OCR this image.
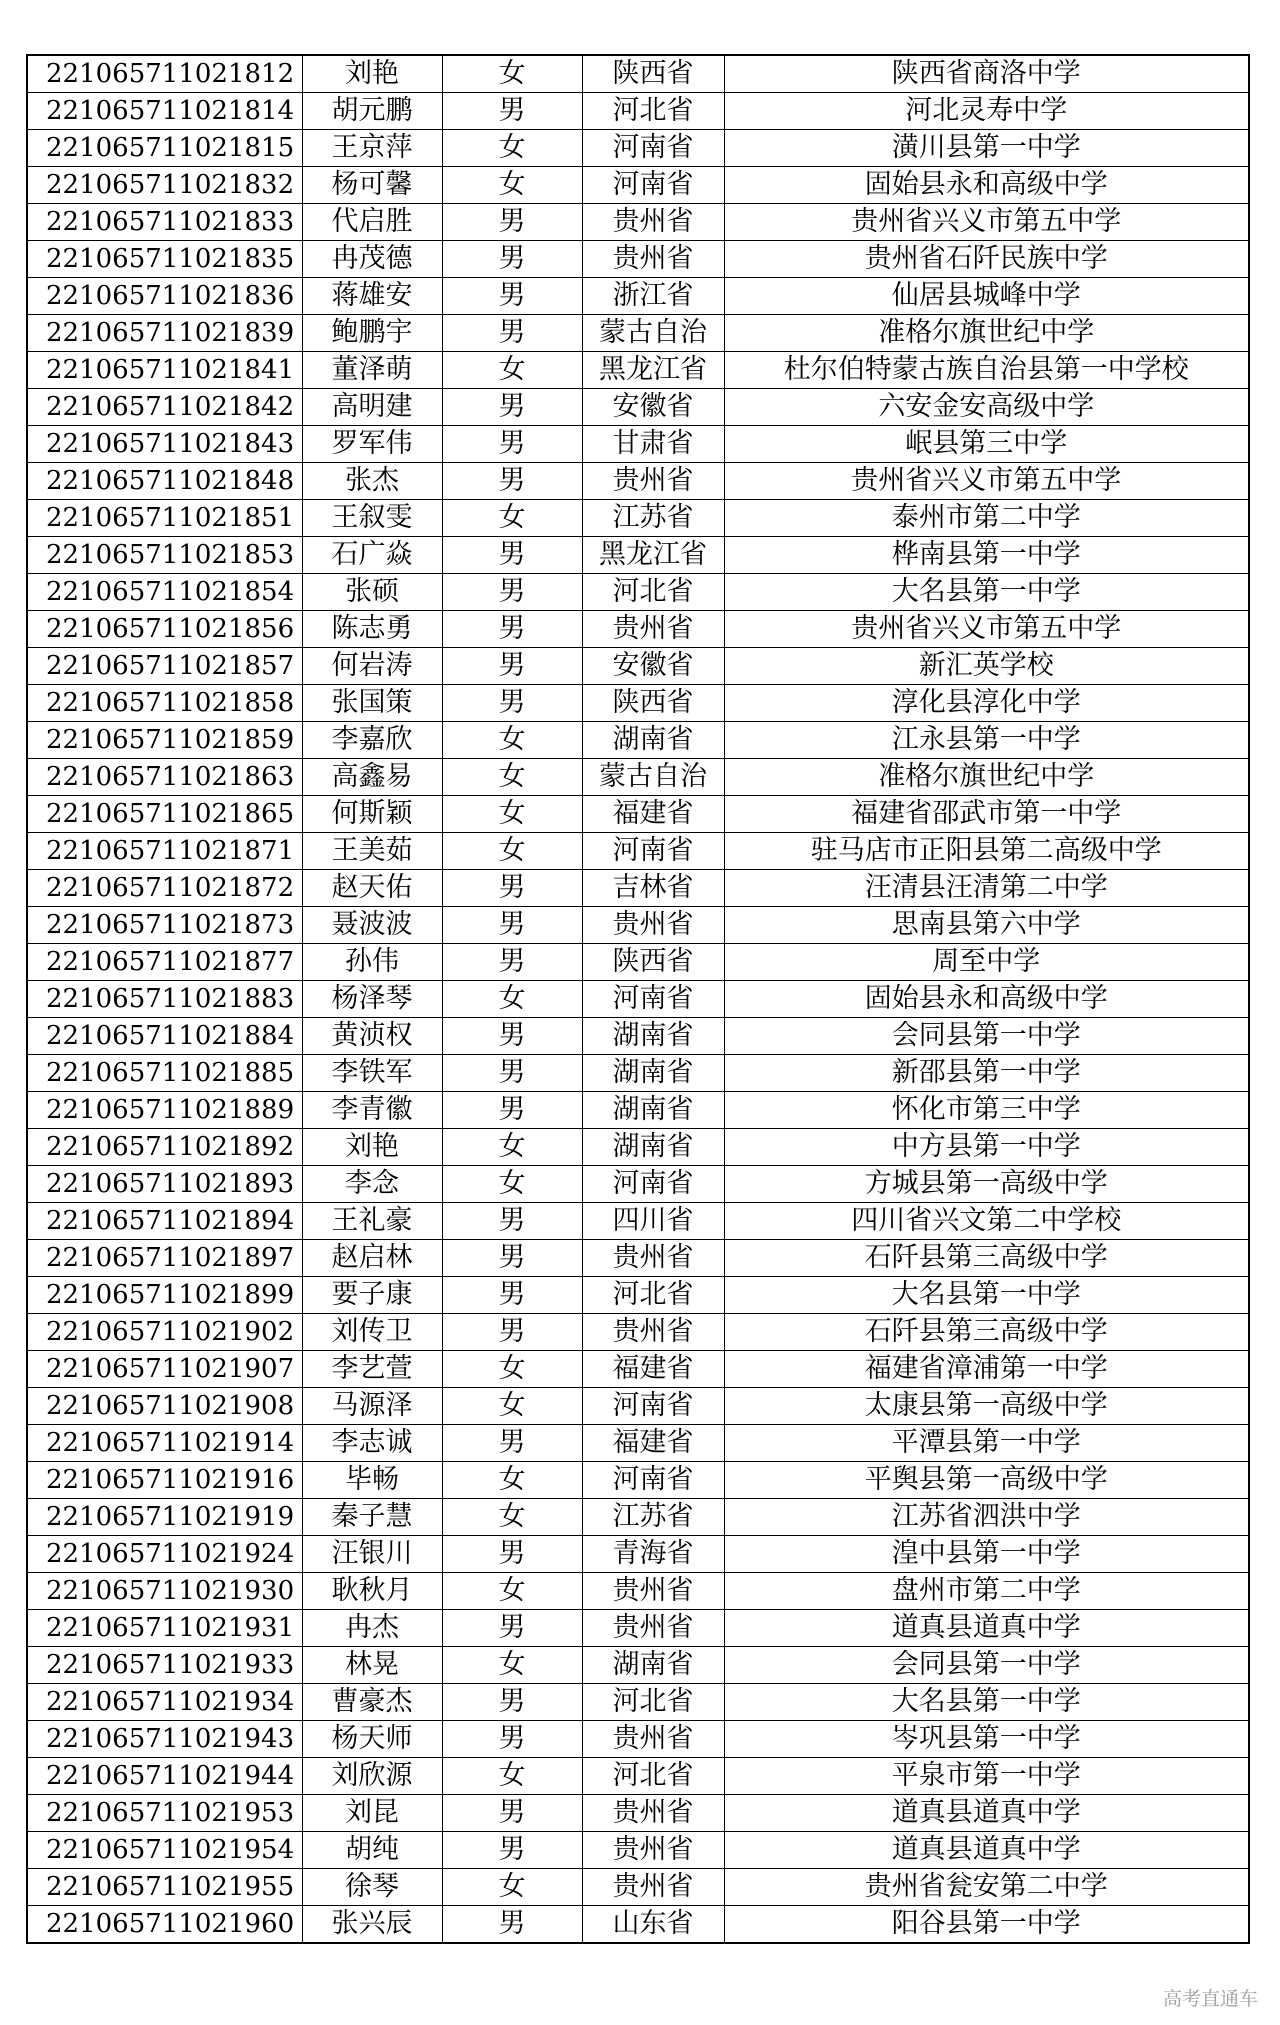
221065711021812	刘艳	女	陕西省	陕西省商洛中学
221065711021814	胡元鹏	男	河北省	河北灵寿中学
221065711021815	王京萍	女	河南省	潢川县第一中学
221065711021832	杨可馨	女	河南省	固始县永和高级中学
221065711021833	代启胜	男	贵州省	贵州省兴义市第五中学
221065711021835	冉茂德	男	贵州省	贵州省石阡民族中学
221065711021836	蒋雄安	男	浙江省	仙居县城峰中学
221065711021839	鲍鹏宇	男	蒙古自治	准格尔旗世纪中学
221065711021841	董泽萌	女	黑龙江省	杜尔伯特蒙古族自治县第一中学校
221065711021842	高明建	男	安徽省	六安金安高级中学
221065711021843	罗军伟	男	甘肃省	岷县第三中学
221065711021848	张杰	男	贵州省	贵州省兴义市第五中学
221065711021851	王叙雯	女	江苏省	泰州市第二中学
221065711021853	石广焱	男	黑龙江省	桦南县第一中学
221065711021854	张硕	男	河北省	大名县第一中学
221065711021856	陈志勇	男	贵州省	贵州省兴义市第五中学
221065711021857	何岩涛	男	安徽省	新汇英学校
221065711021858	张国策	男	陕西省	淳化县淳化中学
221065711021859	李嘉欣	女	湖南省	江永县第一中学
221065711021863	高鑫易	女	蒙古自治	准格尔旗世纪中学
221065711021865	何斯颖	女	福建省	福建省邵武市第一中学
221065711021871	王美茹	女	河南省	驻马店市正阳县第二高级中学
221065711021872	赵天佑	男	吉林省	汪清县汪清第二中学
221065711021873	聂波波	男	贵州省	思南县第六中学
221065711021877	孙伟	男	陕西省	周至中学
221065711021883	杨泽琴	女	河南省	固始县永和高级中学
221065711021884	黄浈权	男	湖南省	会同县第一中学
221065711021885	李铁军	男	湖南省	新邵县第一中学
221065711021889	李青徽	男	湖南省	怀化市第三中学
221065711021892	刘艳	女	湖南省	中方县第一中学
221065711021893	李念	女	河南省	方城县第一高级中学
221065711021894	王礼豪	男	四川省	四川省兴文第二中学校
221065711021897	赵启林	男	贵州省	石阡县第三高级中学
221065711021899	要子康	男	河北省	大名县第一中学
221065711021902	刘传卫	男	贵州省	石阡县第三高级中学
221065711021907	李艺萱	女	福建省	福建省漳浦第一中学
221065711021908	马源泽	女	河南省	太康县第一高级中学
221065711021914	李志诚	男	福建省	平潭县第一中学
221065711021916	毕畅	女	河南省	平舆县第一高级中学
221065711021919	秦子慧	女	江苏省	江苏省泗洪中学
221065711021924	汪银川	男	青海省	湟中县第一中学
221065711021930	耿秋月	女	贵州省	盘州市第二中学
221065711021931	冉杰	男	贵州省	道真县道真中学
221065711021933	林晃	女	湖南省	会同县第一中学
221065711021934	曹豪杰	男	河北省	大名县第一中学
221065711021943	杨天师	男	贵州省	岑巩县第一中学
221065711021944	刘欣源	女	河北省	平泉市第一中学
221065711021953	刘昆	男	贵州省	道真县道真中学
221065711021954	胡纯	男	贵州省	道真县道真中学
221065711021955	徐琴	女	贵州省	贵州省瓮安第二中学
221065711021960	张兴辰	男	山东省	阳谷县第一中学
高考直通车
